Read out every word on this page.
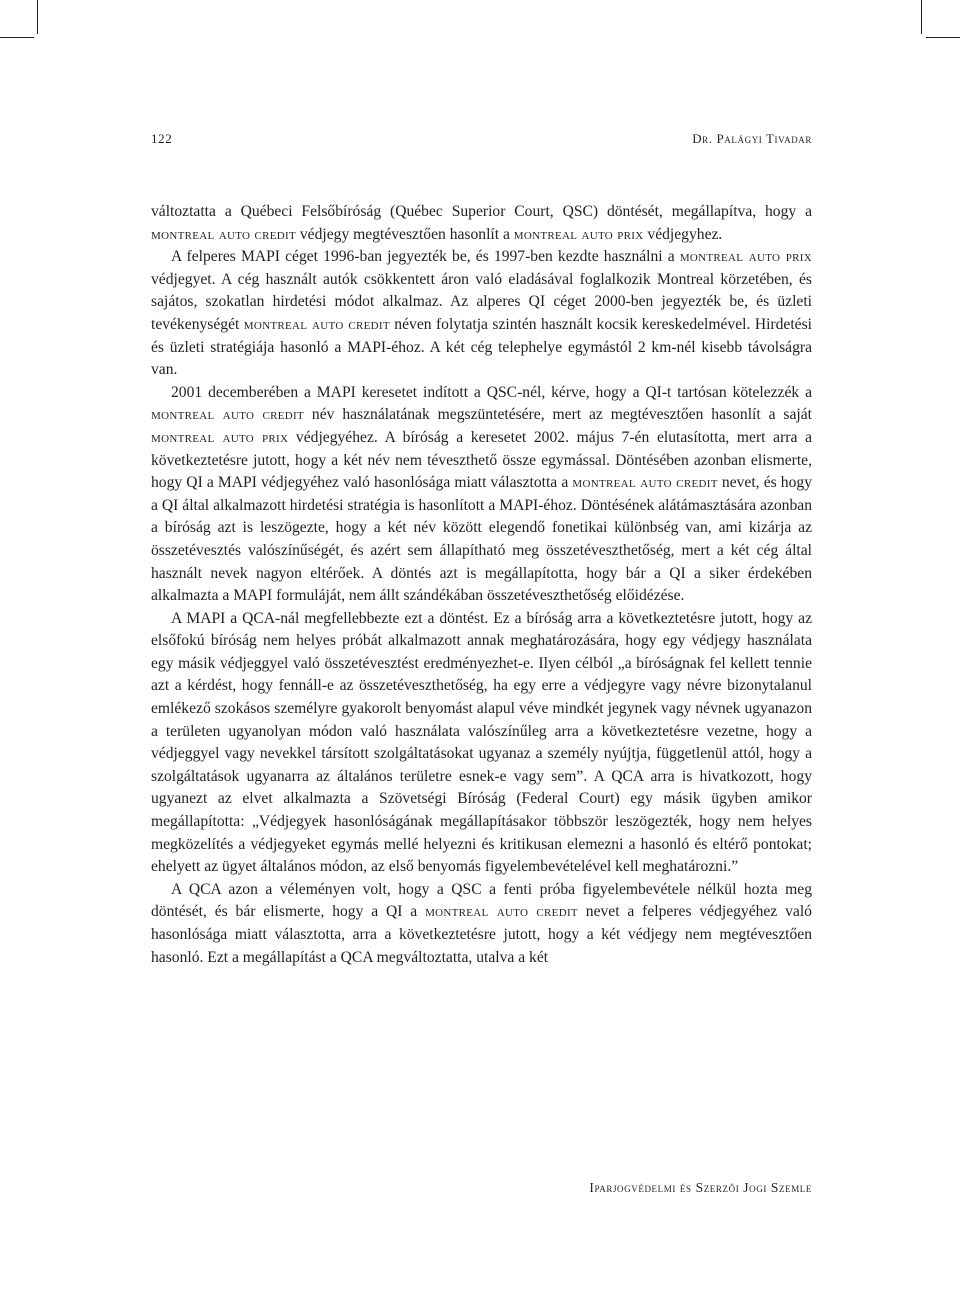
122	Dr. Palágyi Tivadar

változtatta a Québeci Felsőbíróság (Québec Superior Court, QSC) döntését, megállapítva, hogy a montreal auto credit védjegy megtévesztően hasonlít a montreal auto prix védjegyhez.

A felperes MAPI céget 1996-ban jegyezték be, és 1997-ben kezdte használni a montreal auto prix védjegyet. A cég használt autók csökkentett áron való eladásával foglalkozik Montreal körzetében, és sajátos, szokatlan hirdetési módot alkalmaz. Az alperes QI céget 2000-ben jegyezték be, és üzleti tevékenységét montreal auto credit néven folytatja szintén használt kocsik kereskedelmével. Hirdetési és üzleti stratégiája hasonló a MAPI-éhoz. A két cég telephelye egymástól 2 km-nél kisebb távolságra van.

2001 decemberében a MAPI keresetet indított a QSC-nél, kérve, hogy a QI-t tartósan kötelezzék a montreal auto credit név használatának megszüntetésére, mert az megtévesztően hasonlít a saját montreal auto prix védjegyéhez. A bíróság a keresetet 2002. május 7-én elutasította, mert arra a következtetésre jutott, hogy a két név nem téveszthető össze egymással. Döntésében azonban elismerte, hogy QI a MAPI védjegyéhez való hasonlósága miatt választotta a montreal auto credit nevet, és hogy a QI által alkalmazott hirdetési stratégia is hasonlított a MAPI-éhoz. Döntésének alátámasztására azonban a bíróság azt is leszögezte, hogy a két név között elegendő fonetikai különbség van, ami kizárja az összetévesztés valószínűségét, és azért sem állapítható meg összetéveszthetőség, mert a két cég által használt nevek nagyon eltérőek. A döntés azt is megállapította, hogy bár a QI a siker érdekében alkalmazta a MAPI formuláját, nem állt szándékában összetéveszthetőség előidézése.

A MAPI a QCA-nál megfellebbezte ezt a döntést. Ez a bíróság arra a következtetésre jutott, hogy az elsőfokú bíróság nem helyes próbát alkalmazott annak meghatározására, hogy egy védjegy használata egy másik védjeggyel való összetévesztést eredményezhet-e. Ilyen célból „a bíróságnak fel kellett tennie azt a kérdést, hogy fennáll-e az összetéveszthetőség, ha egy erre a védjegyre vagy névre bizonytalanul emlékező szokásos személyre gyakorolt benyomást alapul véve mindkét jegynek vagy névnek ugyanazon a területen ugyanolyan módon való használata valószínűleg arra a következtetésre vezetne, hogy a védjeggyel vagy nevekkel társított szolgáltatásokat ugyanaz a személy nyújtja, függetlenül attól, hogy a szolgáltatások ugyanarra az általános területre esnek-e vagy sem”. A QCA arra is hivatkozott, hogy ugyanezt az elvet alkalmazta a Szövetségi Bíróság (Federal Court) egy másik ügyben amikor megállapította: „Védjegyek hasonlóságának megállapításakor többször leszögezték, hogy nem helyes megközelítés a védjegyeket egymás mellé helyezni és kritikusan elemezni a hasonló és eltérő pontokat; ehelyett az ügyet általános módon, az első benyomás figyelembevételével kell meghatározni.”

A QCA azon a véleményen volt, hogy a QSC a fenti próba figyelembevétele nélkül hozta meg döntését, és bár elismerte, hogy a QI a montreal auto credit nevet a felperes védjegyéhez való hasonlósága miatt választotta, arra a következtetésre jutott, hogy a két védjegy nem megtévesztően hasonló. Ezt a megállapítást a QCA megváltoztatta, utalva a két

Iparjogvédelmi és Szerzői Jogi Szemle
